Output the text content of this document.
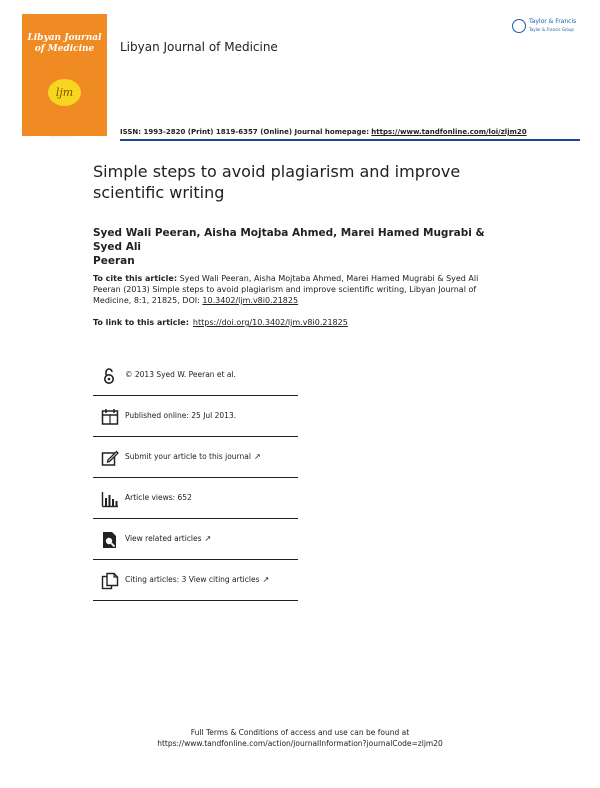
Libyan Journal
of Medicine
ljm
Taylor & Francis
Libyan Journal of Medicine
Taylor & Francis
Taylor & Francis Group
ISSN: 1993-2820 (Print) 1819-6357 (Online) Journal homepage: https://www.tandfonline.com/loi/zljm20
Simple steps to avoid plagiarism and improve
scientific writing
Syed Wali Peeran, Aisha Mojtaba Ahmed, Marei Hamed Mugrabi & Syed Ali
Peeran
To cite this article: Syed Wali Peeran, Aisha Mojtaba Ahmed, Marei Hamed Mugrabi & Syed Ali
Peeran (2013) Simple steps to avoid plagiarism and improve scientific writing, Libyan Journal of
Medicine, 8:1, 21825, DOI: 10.3402/ljm.v8i0.21825
To link to this article: https://doi.org/10.3402/ljm.v8i0.21825
© 2013 Syed W. Peeran et al.
Published online: 25 Jul 2013.
Submit your article to this journal ↗
Article views: 652
View related articles ↗
Citing articles: 3 View citing articles ↗
Full Terms & Conditions of access and use can be found at
https://www.tandfonline.com/action/journalInformation?journalCode=zljm20
